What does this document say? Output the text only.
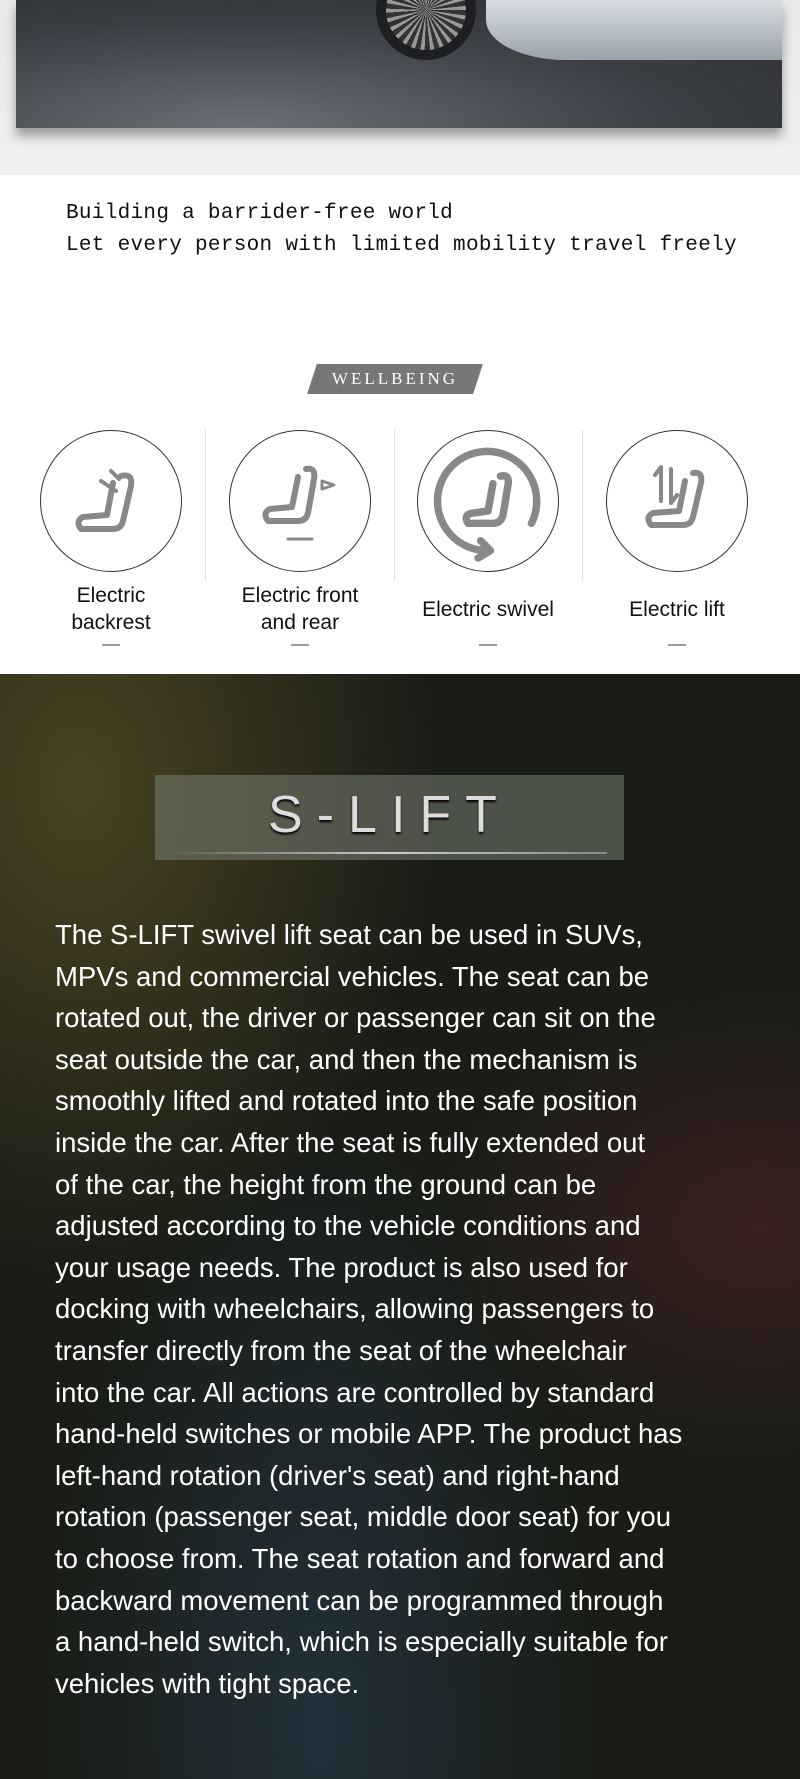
Building a barrider-free world
Let every person with limited mobility travel freely
WELLBEING
Electric
backrest
Electric front
and rear
Electric swivel	Electric lift
S-LIFT
The S-LIFT swivel lift seat can be used in SUVs,
MPVs and commercial vehicles. The seat can be
rotated out, the driver or passenger can sit on the
seat outside the car, and then the mechanism is
smoothly lifted and rotated into the safe position
inside the car. After the seat is fully extended out
of the car, the height from the ground can be
adjusted according to the vehicle conditions and
your usage needs. The product is also used for
docking with wheelchairs, allowing passengers to
transfer directly from the seat of the wheelchair
into the car. All actions are controlled by standard
hand-held switches or mobile APP. The product has
left-hand rotation (driver's seat) and right-hand
rotation (passenger seat, middle door seat) for you
to choose from. The seat rotation and forward and
backward movement can be programmed through
a hand-held switch, which is especially suitable for
vehicles with tight space.
